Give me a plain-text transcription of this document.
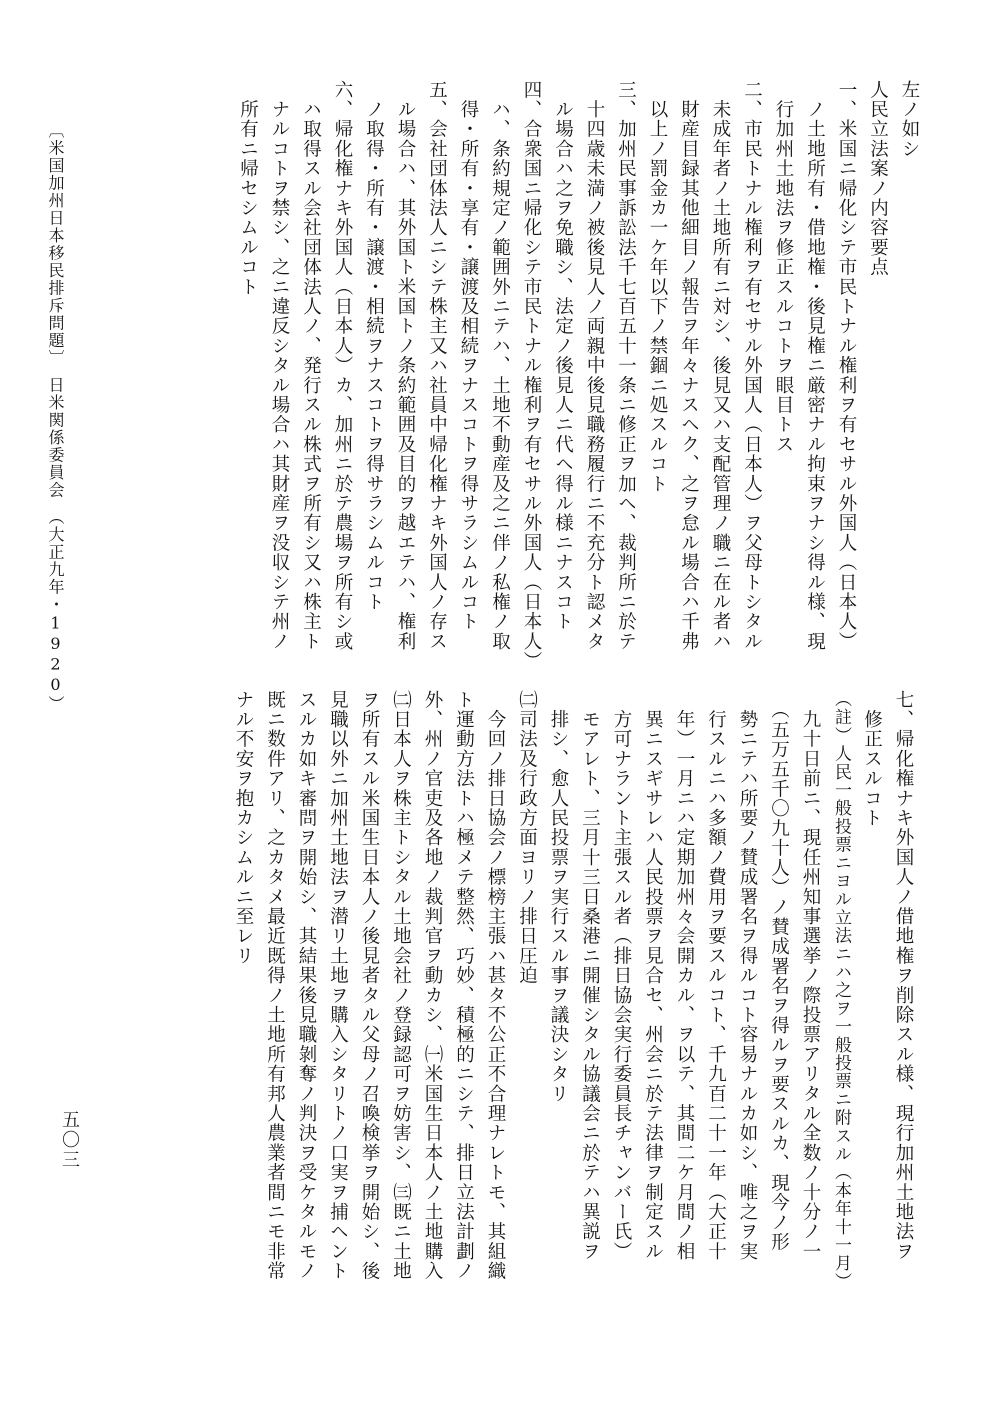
左ノ如シ
人民立法案ノ内容要点
一、米国ニ帰化シテ市民トナル権利ヲ有セサル外国人（日本人）
　ノ土地所有・借地権・後見権ニ厳密ナル拘束ヲナシ得ル様、現
　行加州土地法ヲ修正スルコトヲ眼目トス
二、市民トナル権利ヲ有セサル外国人（日本人）ヲ父母トシタル
　未成年者ノ土地所有ニ対シ、後見又ハ支配管理ノ職ニ在ル者ハ
　財産目録其他細目ノ報告ヲ年々ナスヘク、之ヲ怠ル場合ハ千弗
　以上ノ罰金カ一ケ年以下ノ禁錮ニ処スルコト
三、加州民事訴訟法千七百五十一条ニ修正ヲ加ヘ、裁判所ニ於テ
　十四歳未満ノ被後見人ノ両親中後見職務履行ニ不充分ト認メタ
　ル場合ハ之ヲ免職シ、法定ノ後見人ニ代ヘ得ル様ニナスコト
四、合衆国ニ帰化シテ市民トナル権利ヲ有セサル外国人（日本人）
　ハ、条約規定ノ範囲外ニテハ、土地不動産及之ニ伴ノ私権ノ取
　得・所有・享有・譲渡及相続ヲナスコトヲ得サラシムルコト
五、会社団体法人ニシテ株主又ハ社員中帰化権ナキ外国人ノ存ス
　ル場合ハ、其外国ト米国トノ条約範囲及目的ヲ越エテハ、権利
　ノ取得・所有・譲渡・相続ヲナスコトヲ得サラシムルコト
六、帰化権ナキ外国人（日本人）カ、加州ニ於テ農場ヲ所有シ或
　ハ取得スル会社団体法人ノ、発行スル株式ヲ所有シ又ハ株主ト
　ナルコトヲ禁シ、之ニ違反シタル場合ハ其財産ヲ没収シテ州ノ
　所有ニ帰セシムルコト
七、帰化権ナキ外国人ノ借地権ヲ削除スル様、現行加州土地法ヲ
　修正スルコト
（註）人民一般投票ニヨル立法ニハ之ヲ一般投票ニ附スル（本年十一月）
　九十日前ニ、現任州知事選挙ノ際投票アリタル全数ノ十分ノ一
　（五万五千〇九十人）ノ賛成署名ヲ得ルヲ要スルカ、現今ノ形
　勢ニテハ所要ノ賛成署名ヲ得ルコト容易ナルカ如シ、唯之ヲ実
　行スルニハ多額ノ費用ヲ要スルコト、千九百二十一年（大正十
　年）一月ニハ定期加州々会開カル、ヲ以テ、其間二ケ月間ノ相
　異ニスギサレハ人民投票ヲ見合セ、州会ニ於テ法律ヲ制定スル
　方可ナラント主張スル者（排日協会実行委員長チャンバー氏）
　モアレト、三月十三日桑港ニ開催シタル協議会ニ於テハ異説ヲ
　排シ、愈人民投票ヲ実行スル事ヲ議決シタリ
㈡司法及行政方面ヨリノ排日圧迫
　今回ノ排日協会ノ標榜主張ハ甚タ不公正不合理ナレトモ、其組織
ト運動方法トハ極メテ整然、巧妙、積極的ニシテ、排日立法計劃ノ
外、州ノ官吏及各地ノ裁判官ヲ動カシ、㈠米国生日本人ノ土地購入
㈡日本人ヲ株主トシタル土地会社ノ登録認可ヲ妨害シ、㈢既ニ土地
ヲ所有スル米国生日本人ノ後見者タル父母ノ召喚検挙ヲ開始シ、後
見職以外ニ加州土地法ヲ潜リ土地ヲ購入シタリトノ口実ヲ捕ヘント
スルカ如キ審問ヲ開始シ、其結果後見職剝奪ノ判決ヲ受ケタルモノ
既ニ数件アリ、之カタメ最近既得ノ土地所有邦人農業者間ニモ非常
ナル不安ヲ抱カシムルニ至レリ
〔米国加州日本移民排斥問題〕　日米関係委員会　（大正九年・1920）
五〇三
